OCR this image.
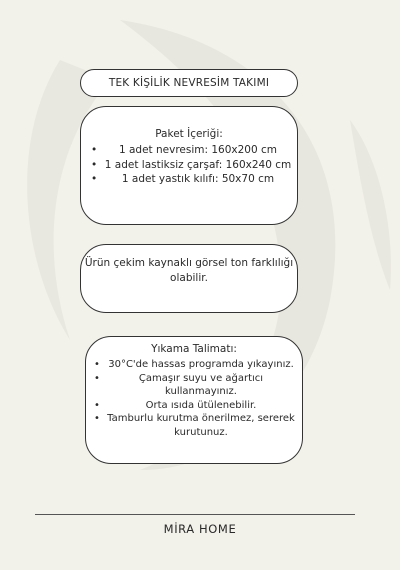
TEK KİŞİLİK NEVRESİM TAKIMI
Paket İçeriği:
• 1 adet nevresim: 160x200 cm
• 1 adet lastiksiz çarşaf: 160x240 cm
• 1 adet yastık kılıfı: 50x70 cm
Ürün çekim kaynaklı görsel ton farklılığı olabilir.
Yıkama Talimatı:
• 30°C'de hassas programda yıkayınız.
•	Çamaşır suyu ve ağartıcı kullanmayınız.
•	Orta ısıda ütülenebilir.
• Tamburlu kurutma önerilmez, sererek kurutunuz.
MİRA HOME
